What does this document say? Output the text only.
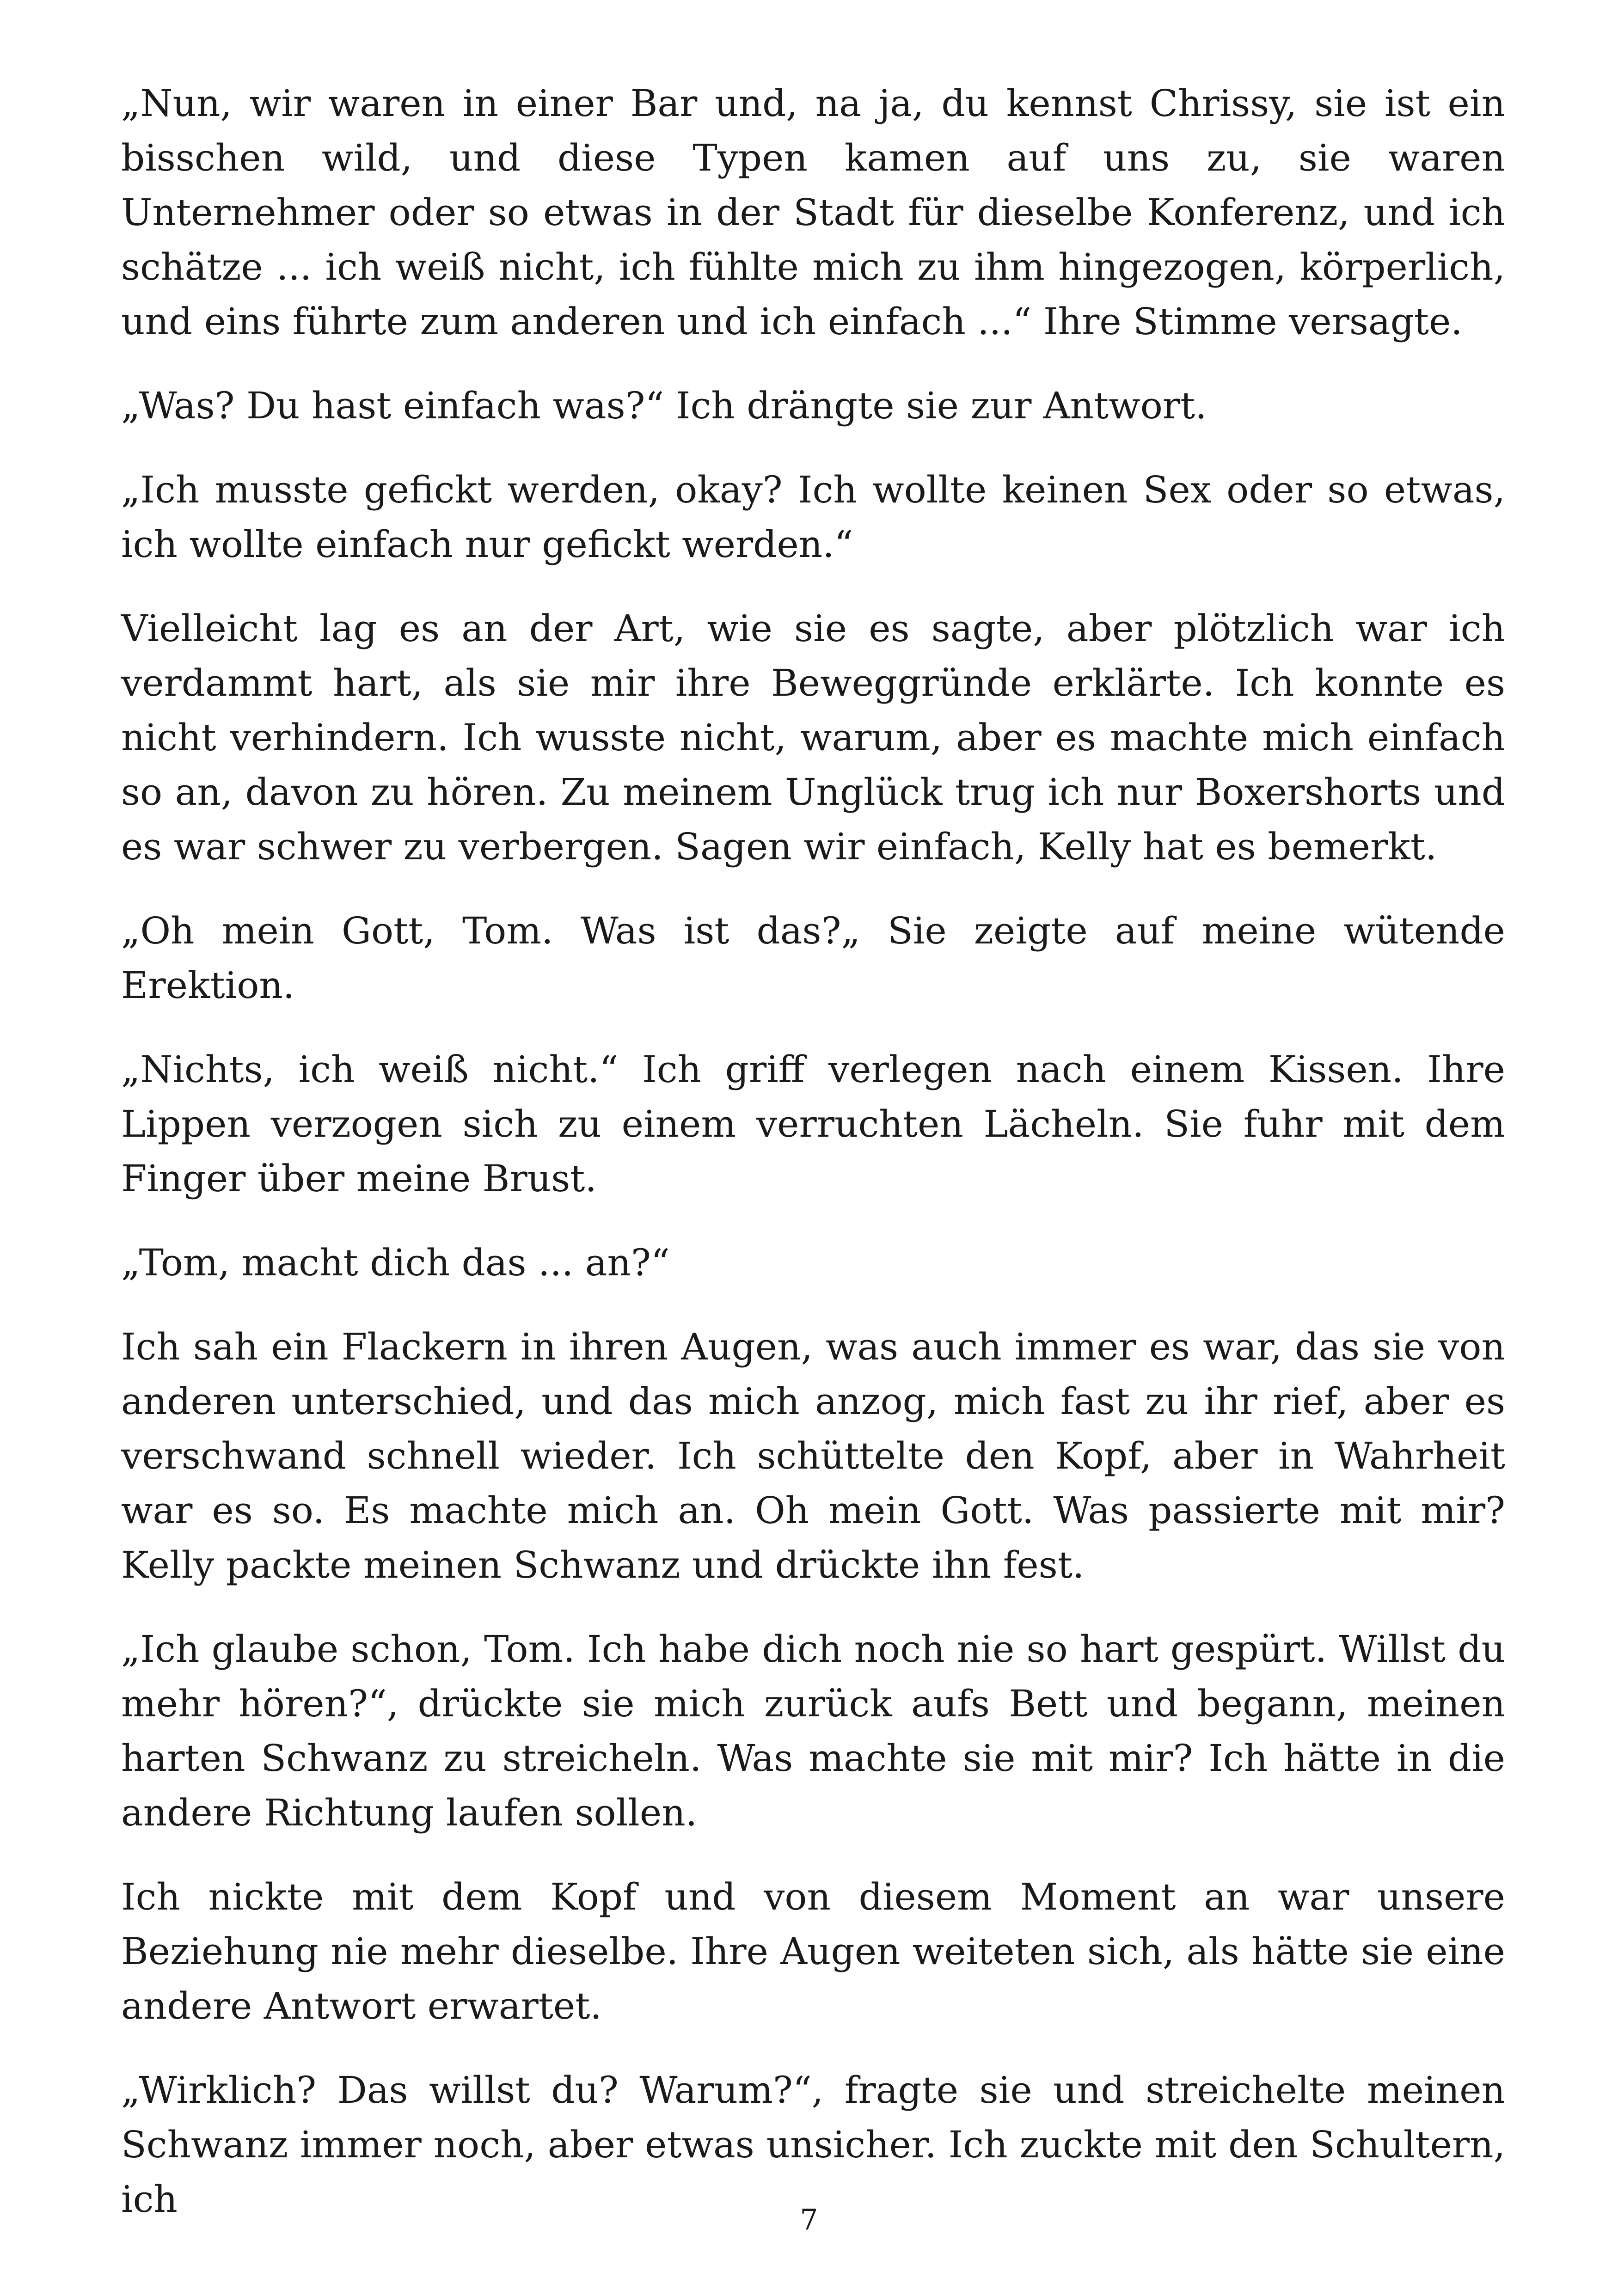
„Nun, wir waren in einer Bar und, na ja, du kennst Chrissy, sie ist ein bisschen wild, und diese Typen kamen auf uns zu, sie waren Unternehmer oder so etwas in der Stadt für dieselbe Konferenz, und ich schätze ... ich weiß nicht, ich fühlte mich zu ihm hingezogen, körperlich, und eins führte zum anderen und ich einfach ...“ Ihre Stimme versagte.

„Was? Du hast einfach was?“ Ich drängte sie zur Antwort.

„Ich musste gefickt werden, okay? Ich wollte keinen Sex oder so etwas, ich wollte einfach nur gefickt werden.“

Vielleicht lag es an der Art, wie sie es sagte, aber plötzlich war ich verdammt hart, als sie mir ihre Beweggründe erklärte. Ich konnte es nicht verhindern. Ich wusste nicht, warum, aber es machte mich einfach so an, davon zu hören. Zu meinem Unglück trug ich nur Boxershorts und es war schwer zu verbergen. Sagen wir einfach, Kelly hat es bemerkt.

„Oh mein Gott, Tom. Was ist das?„ Sie zeigte auf meine wütende Erektion.

„Nichts, ich weiß nicht.“ Ich griff verlegen nach einem Kissen. Ihre Lippen verzogen sich zu einem verruchten Lächeln. Sie fuhr mit dem Finger über meine Brust.

„Tom, macht dich das ... an?“

Ich sah ein Flackern in ihren Augen, was auch immer es war, das sie von anderen unterschied, und das mich anzog, mich fast zu ihr rief, aber es verschwand schnell wieder. Ich schüttelte den Kopf, aber in Wahrheit war es so. Es machte mich an. Oh mein Gott. Was passierte mit mir? Kelly packte meinen Schwanz und drückte ihn fest.

„Ich glaube schon, Tom. Ich habe dich noch nie so hart gespürt. Willst du mehr hören?“, drückte sie mich zurück aufs Bett und begann, meinen harten Schwanz zu streicheln. Was machte sie mit mir? Ich hätte in die andere Richtung laufen sollen.

Ich nickte mit dem Kopf und von diesem Moment an war unsere Beziehung nie mehr dieselbe. Ihre Augen weiteten sich, als hätte sie eine andere Antwort erwartet.

„Wirklich? Das willst du? Warum?“, fragte sie und streichelte meinen Schwanz immer noch, aber etwas unsicher. Ich zuckte mit den Schultern, ich	7
